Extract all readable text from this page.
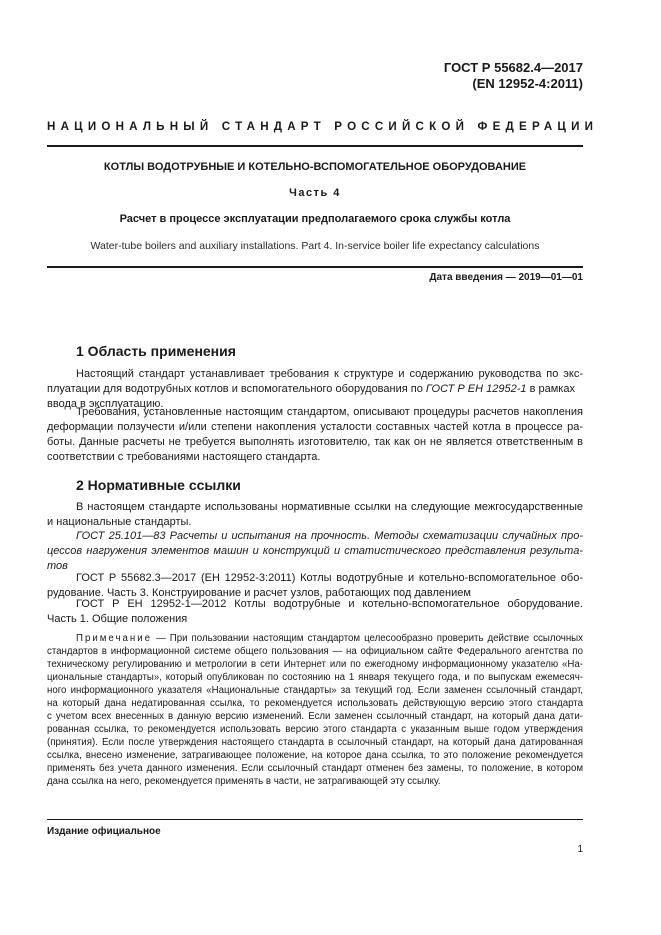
ГОСТ Р 55682.4—2017
(EN 12952-4:2011)
НАЦИОНАЛЬНЫЙ СТАНДАРТ РОССИЙСКОЙ ФЕДЕРАЦИИ
КОТЛЫ ВОДОТРУБНЫЕ И КОТЕЛЬНО-ВСПОМОГАТЕЛЬНОЕ ОБОРУДОВАНИЕ
Часть 4
Расчет в процессе эксплуатации предполагаемого срока службы котла
Water-tube boilers and auxiliary installations. Part 4. In-service boiler life expectancy calculations
Дата введения — 2019—01—01
1 Область применения
Настоящий стандарт устанавливает требования к структуре и содержанию руководства по экс-
плуатации для водотрубных котлов и вспомогательного оборудования по ГОСТ Р ЕН 12952-1 в рамках
ввода в эксплуатацию.
Требования, установленные настоящим стандартом, описывают процедуры расчетов накопления
деформации ползучести и/или степени накопления усталости составных частей котла в процессе ра-
боты. Данные расчеты не требуется выполнять изготовителю, так как он не является ответственным в
соответствии с требованиями настоящего стандарта.
2 Нормативные ссылки
В настоящем стандарте использованы нормативные ссылки на следующие межгосударственные
и национальные стандарты.
ГОСТ 25.101—83 Расчеты и испытания на прочность. Методы схематизации случайных про-
цессов нагружения элементов машин и конструкций и статистического представления результа-
тов
ГОСТ Р 55682.3—2017 (ЕН 12952-3:2011) Котлы водотрубные и котельно-вспомогательное обо-
рудование. Часть 3. Конструирование и расчет узлов, работающих под давлением
ГОСТ Р ЕН 12952-1—2012 Котлы водотрубные и котельно-вспомогательное оборудование.
Часть 1. Общие положения
Примечание — При пользовании настоящим стандартом целесообразно проверить действие ссылочных
стандартов в информационной системе общего пользования — на официальном сайте Федерального агентства по
техническому регулированию и метрологии в сети Интернет или по ежегодному информационному указателю «На-
циональные стандарты», который опубликован по состоянию на 1 января текущего года, и по выпускам ежемесяч-
ного информационного указателя «Национальные стандарты» за текущий год. Если заменен ссылочный стандарт,
на который дана недатированная ссылка, то рекомендуется использовать действующую версию этого стандарта
с учетом всех внесенных в данную версию изменений. Если заменен ссылочный стандарт, на который дана дати-
рованная ссылка, то рекомендуется использовать версию этого стандарта с указанным выше годом утверждения
(принятия). Если после утверждения настоящего стандарта в ссылочный стандарт, на который дана датированная
ссылка, внесено изменение, затрагивающее положение, на которое дана ссылка, то это положение рекомендуется
применять без учета данного изменения. Если ссылочный стандарт отменен без замены, то положение, в котором
дана ссылка на него, рекомендуется применять в части, не затрагивающей эту ссылку.
Издание официальное
1
